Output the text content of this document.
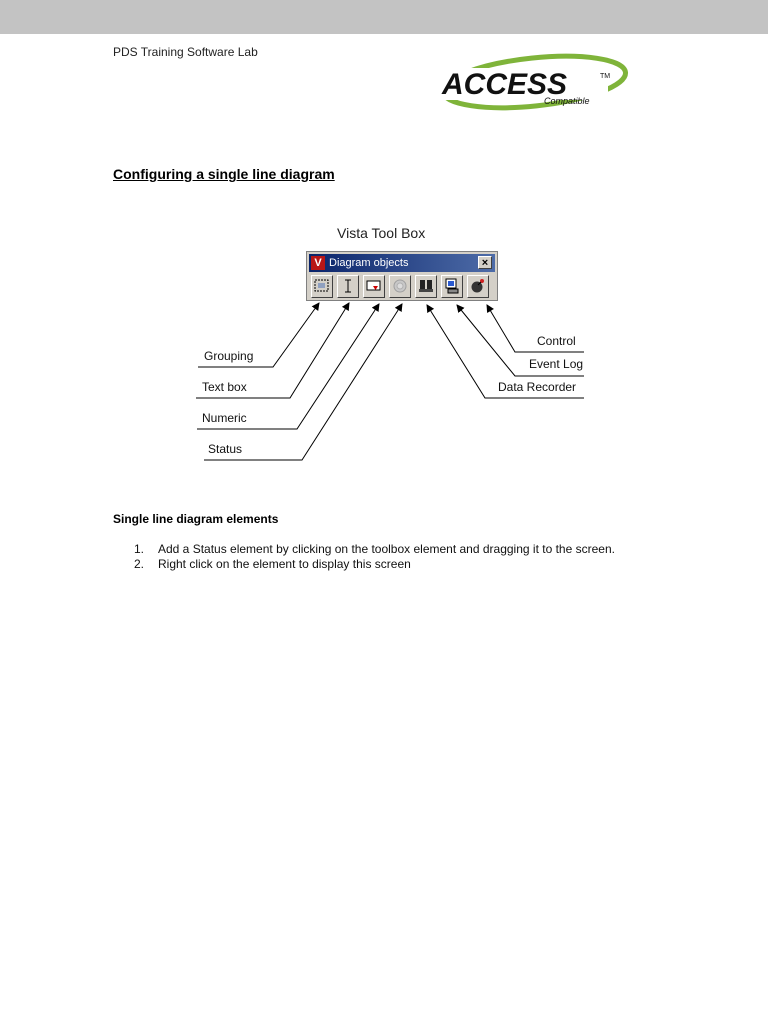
PDS Training Software Lab
ACCESS	TM
Compatible
Configuring a single line diagram
Vista Tool Box
V Diagram objects	×
Grouping
Text box
Numeric
Status
Control
Event Log
Data Recorder
Single line diagram elements
1. Add a Status element by clicking on the toolbox element and dragging it to the screen.
2. Right click on the element to display this screen
